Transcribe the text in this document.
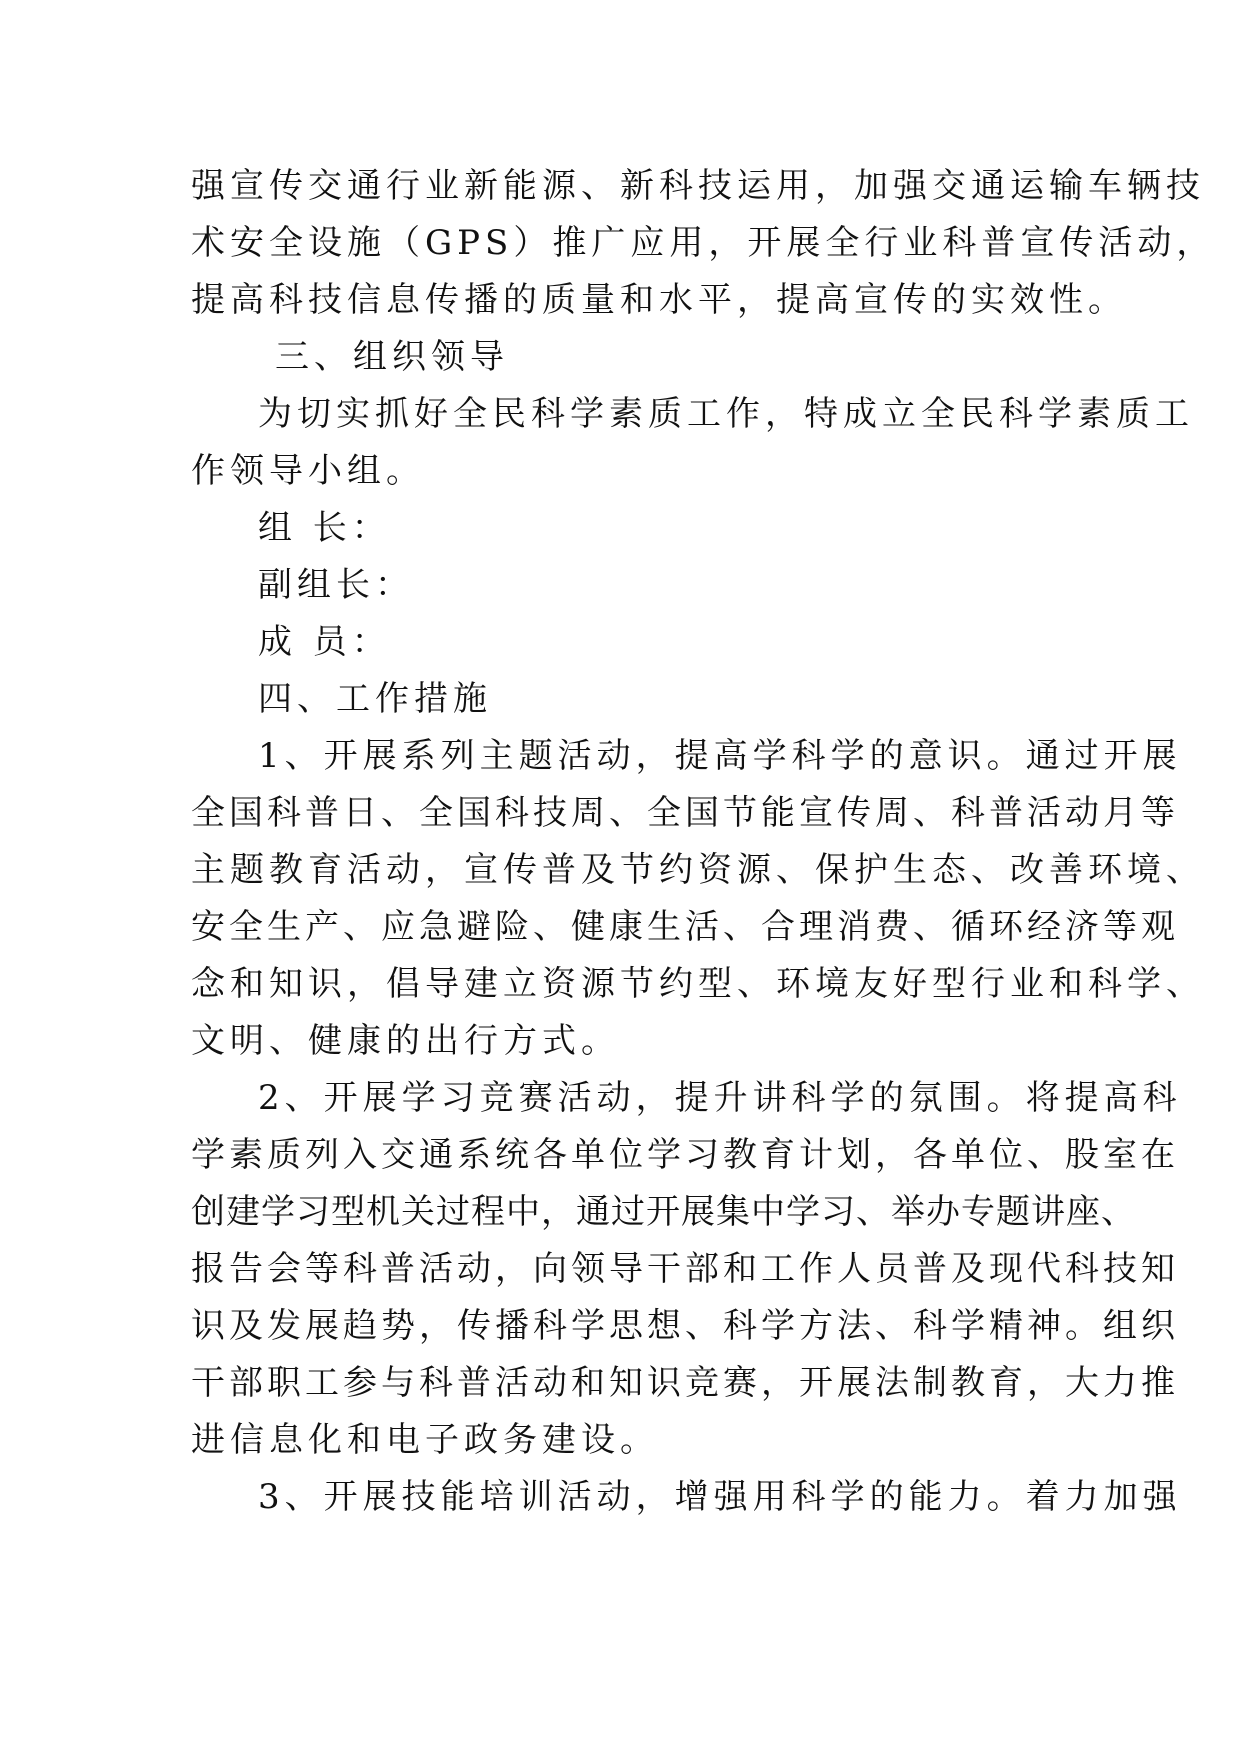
强宣传交通行业新能源、新科技运用，加强交通运输车辆技
术安全设施（GPS）推广应用，开展全行业科普宣传活动，
提高科技信息传播的质量和水平，提高宣传的实效性。
三、组织领导
为切实抓好全民科学素质工作，特成立全民科学素质工
作领导小组。
组 长：
副组长：
成 员：
四、工作措施
1、开展系列主题活动，提高学科学的意识。通过开展
全国科普日、全国科技周、全国节能宣传周、科普活动月等
主题教育活动，宣传普及节约资源、保护生态、改善环境、
安全生产、应急避险、健康生活、合理消费、循环经济等观
念和知识，倡导建立资源节约型、环境友好型行业和科学、
文明、健康的出行方式。
2、开展学习竞赛活动，提升讲科学的氛围。将提高科
学素质列入交通系统各单位学习教育计划，各单位、股室在
创建学习型机关过程中，通过开展集中学习、举办专题讲座、
报告会等科普活动，向领导干部和工作人员普及现代科技知
识及发展趋势，传播科学思想、科学方法、科学精神。组织
干部职工参与科普活动和知识竞赛，开展法制教育，大力推
进信息化和电子政务建设。
3、开展技能培训活动，增强用科学的能力。着力加强
